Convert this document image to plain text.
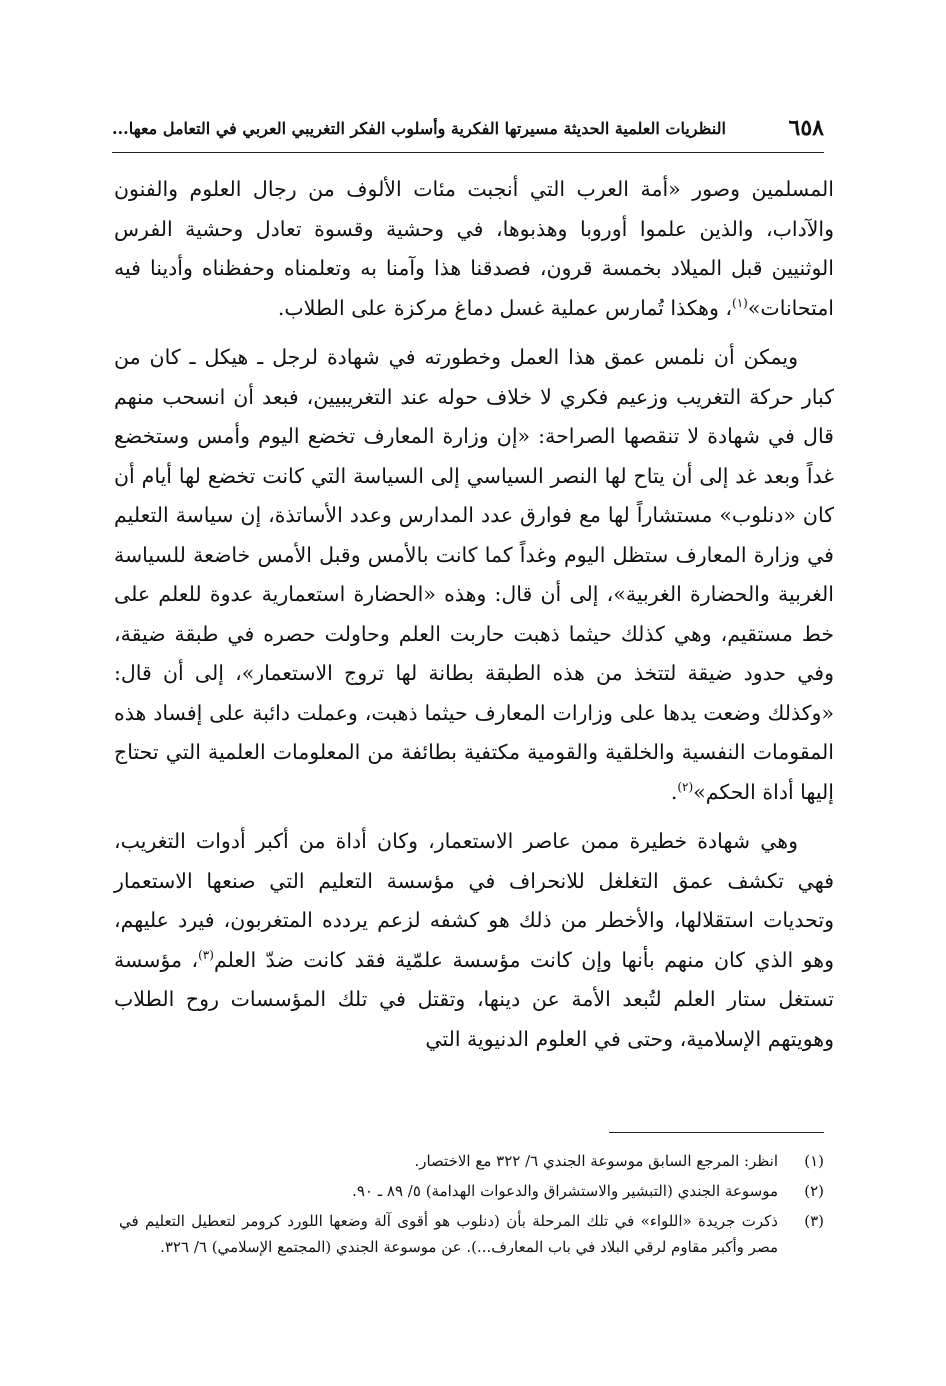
٦٥٨
النظريات العلمية الحديثة مسيرتها الفكرية وأسلوب الفكر التغريبي العربي في التعامل معها...

المسلمين وصور «أمة العرب التي أنجبت مئات الألوف من رجال العلوم والفنون والآداب، والذين علموا أوروبا وهذبوها، في وحشية وقسوة تعادل وحشية الفرس الوثنيين قبل الميلاد بخمسة قرون، فصدقنا هذا وآمنا به وتعلمناه وحفظناه وأدينا فيه امتحانات»$^{(١)}$، وهكذا تُمارس عملية غسل دماغ مركزة على الطلاب.

ويمكن أن نلمس عمق هذا العمل وخطورته في شهادة لرجل ـ هيكل ـ كان من كبار حركة التغريب وزعيم فكري لا خلاف حوله عند التغريبيين، فبعد أن انسحب منهم قال في شهادة لا تنقصها الصراحة: «إن وزارة المعارف تخضع اليوم وأمس وستخضع غداً وبعد غد إلى أن يتاح لها النصر السياسي إلى السياسة التي كانت تخضع لها أيام أن كان «دنلوب» مستشاراً لها مع فوارق عدد المدارس وعدد الأساتذة، إن سياسة التعليم في وزارة المعارف ستظل اليوم وغداً كما كانت بالأمس وقبل الأمس خاضعة للسياسة الغربية والحضارة الغربية»، إلى أن قال: وهذه «الحضارة استعمارية عدوة للعلم على خط مستقيم، وهي كذلك حيثما ذهبت حاربت العلم وحاولت حصره في طبقة ضيقة، وفي حدود ضيقة لتتخذ من هذه الطبقة بطانة لها تروج الاستعمار»، إلى أن قال: «وكذلك وضعت يدها على وزارات المعارف حيثما ذهبت، وعملت دائبة على إفساد هذه المقومات النفسية والخلقية والقومية مكتفية بطائفة من المعلومات العلمية التي تحتاج إليها أداة الحكم»$^{(٢)}$.

وهي شهادة خطيرة ممن عاصر الاستعمار، وكان أداة من أكبر أدوات التغريب، فهي تكشف عمق التغلغل للانحراف في مؤسسة التعليم التي صنعها الاستعمار وتحديات استقلالها، والأخطر من ذلك هو كشفه لزعم يردده المتغربون، فيرد عليهم، وهو الذي كان منهم بأنها وإن كانت مؤسسة علمّية فقد كانت ضدّ العلم$^{(٣)}$، مؤسسة تستغل ستار العلم لتُبعد الأمة عن دينها، وتقتل في تلك المؤسسات روح الطلاب وهويتهم الإسلامية، وحتى في العلوم الدنيوية التي

(١)
انظر: المرجع السابق موسوعة الجندي ٦/ ٣٢٢ مع الاختصار.
(٢)
موسوعة الجندي (التبشير والاستشراق والدعوات الهدامة) ٥/ ٨٩ ـ ٩٠.
(٣)
ذكرت جريدة «اللواء» في تلك المرحلة بأن (دنلوب هو أقوى آلة وضعها اللورد كرومر لتعطيل التعليم في مصر وأكبر مقاوم لرقي البلاد في باب المعارف...). عن موسوعة الجندي (المجتمع الإسلامي) ٦/ ٣٢٦.
